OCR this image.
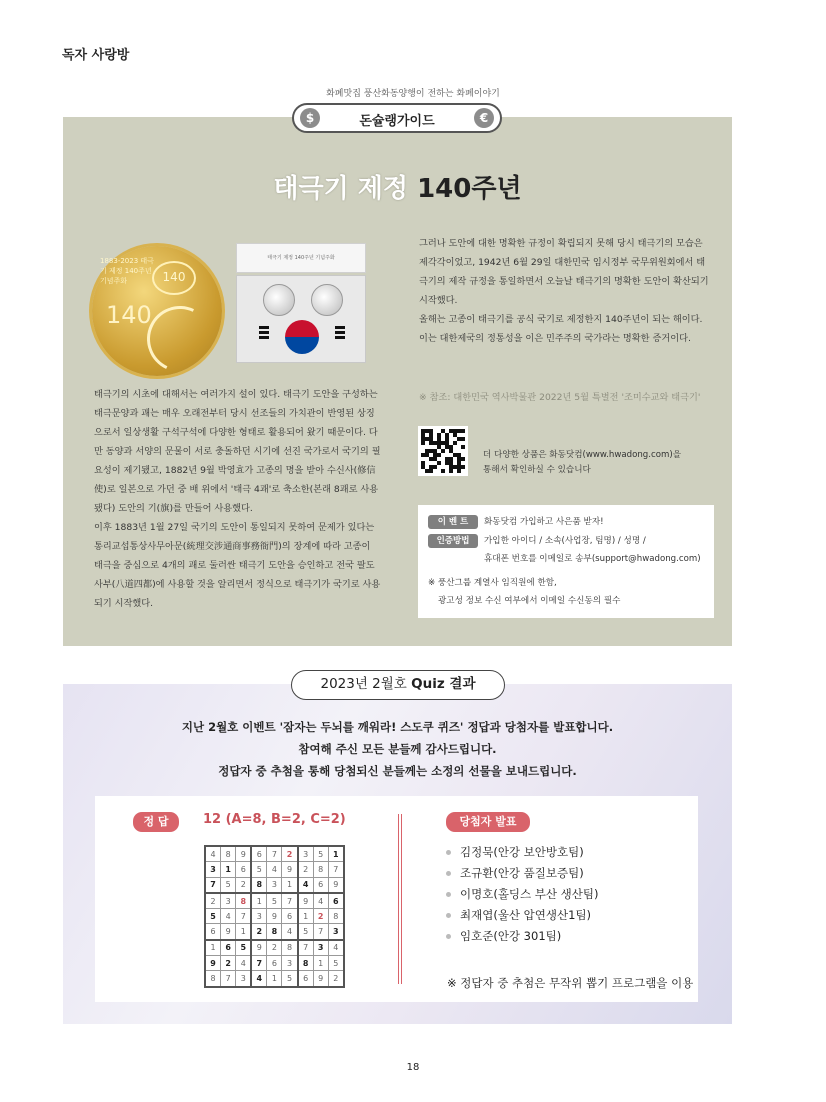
독자 사랑방
화폐맛집 풍산화동양행이 전하는 화폐이야기
$	돈슐랭가이드	€
태극기 제정 140주년
1883-2023 태극기 제정 140주년 기념주화	140
140
태극기 제정 140주년 기념주화
그러나 도안에 대한 명확한 규정이 확립되지 못해 당시 태극기의 모습은 제각각이었고, 1942년 6월 29일 대한민국 임시정부 국무위원회에서 태극기의 제작 규정을 통일하면서 오늘날 태극기의 명확한 도안이 확산되기 시작했다.
올해는 고종이 태극기를 공식 국기로 제정한지 140주년이 되는 해이다. 이는 대한제국의 정통성을 이은 민주주의 국가라는 명확한 증거이다.
※ 참조: 대한민국 역사박물관 2022년 5월 특별전 '조미수교와 태극기'
태극기의 시초에 대해서는 여러가지 설이 있다. 태극기 도안을 구성하는 태극문양과 괘는 매우 오래전부터 당시 선조들의 가치관이 반영된 상징으로서 일상생활 구석구석에 다양한 형태로 활용되어 왔기 때문이다. 다만 동양과 서양의 문물이 서로 충돌하던 시기에 선진 국가로서 국기의 필요성이 제기됐고, 1882년 9월 박영효가 고종의 명을 받아 수신사(修信使)로 일본으로 가던 중 배 위에서 '태극 4괘'로 축소한(본래 8괘로 사용됐다) 도안의 기(旗)를 만들어 사용했다.
이후 1883년 1월 27일 국기의 도안이 통일되지 못하여 문제가 있다는 통리교섭통상사무아문(統理交涉通商事務衙門)의 장계에 따라 고종이 태극을 중심으로 4개의 괘로 둘러싼 태극기 도안을 승인하고 전국 팔도 사부(八道四都)에 사용할 것을 알리면서 정식으로 태극기가 국기로 사용되기 시작했다.
더 다양한 상품은 화동닷컴(www.hwadong.com)을
통해서 확인하실 수 있습니다
이 벤 트	화동닷컴 가입하고 사은품 받자!
인증방법	가입한 아이디 / 소속(사업장, 팀명) / 성명 /
휴대폰 번호를 이메일로 송부(support@hwadong.com)
※ 풍산그룹 계열사 임직원에 한함,
광고성 정보 수신 여부에서 이메일 수신동의 필수
2023년 2월호 Quiz 결과
지난 2월호 이벤트 '잠자는 두뇌를 깨워라! 스도쿠 퀴즈' 정답과 당첨자를 발표합니다.
참여해 주신 모든 분들께 감사드립니다.
정답자 중 추첨을 통해 당첨되신 분들께는 소정의 선물을 보내드립니다.
정 답	12 (A=8, B=2, C=2)
4	8	9	6	7	2	3	5	1
3	1	6	5	4	9	2	8	7
7	5	2	8	3	1	4	6	9
2	3	8	1	5	7	9	4	6
5	4	7	3	9	6	1	2	8
6	9	1	2	8	4	5	7	3
1	6	5	9	2	8	7	3	4
9	2	4	7	6	3	8	1	5
8	7	3	4	1	5	6	9	2
당첨자 발표
김정묵(안강 보안방호팀)
조규환(안강 품질보증팀)
이명호(홀딩스 부산 생산팀)
최재엽(울산 압연생산1팀)
임호준(안강 301팀)
※ 정답자 중 추첨은 무작위 뽑기 프로그램을 이용
18
